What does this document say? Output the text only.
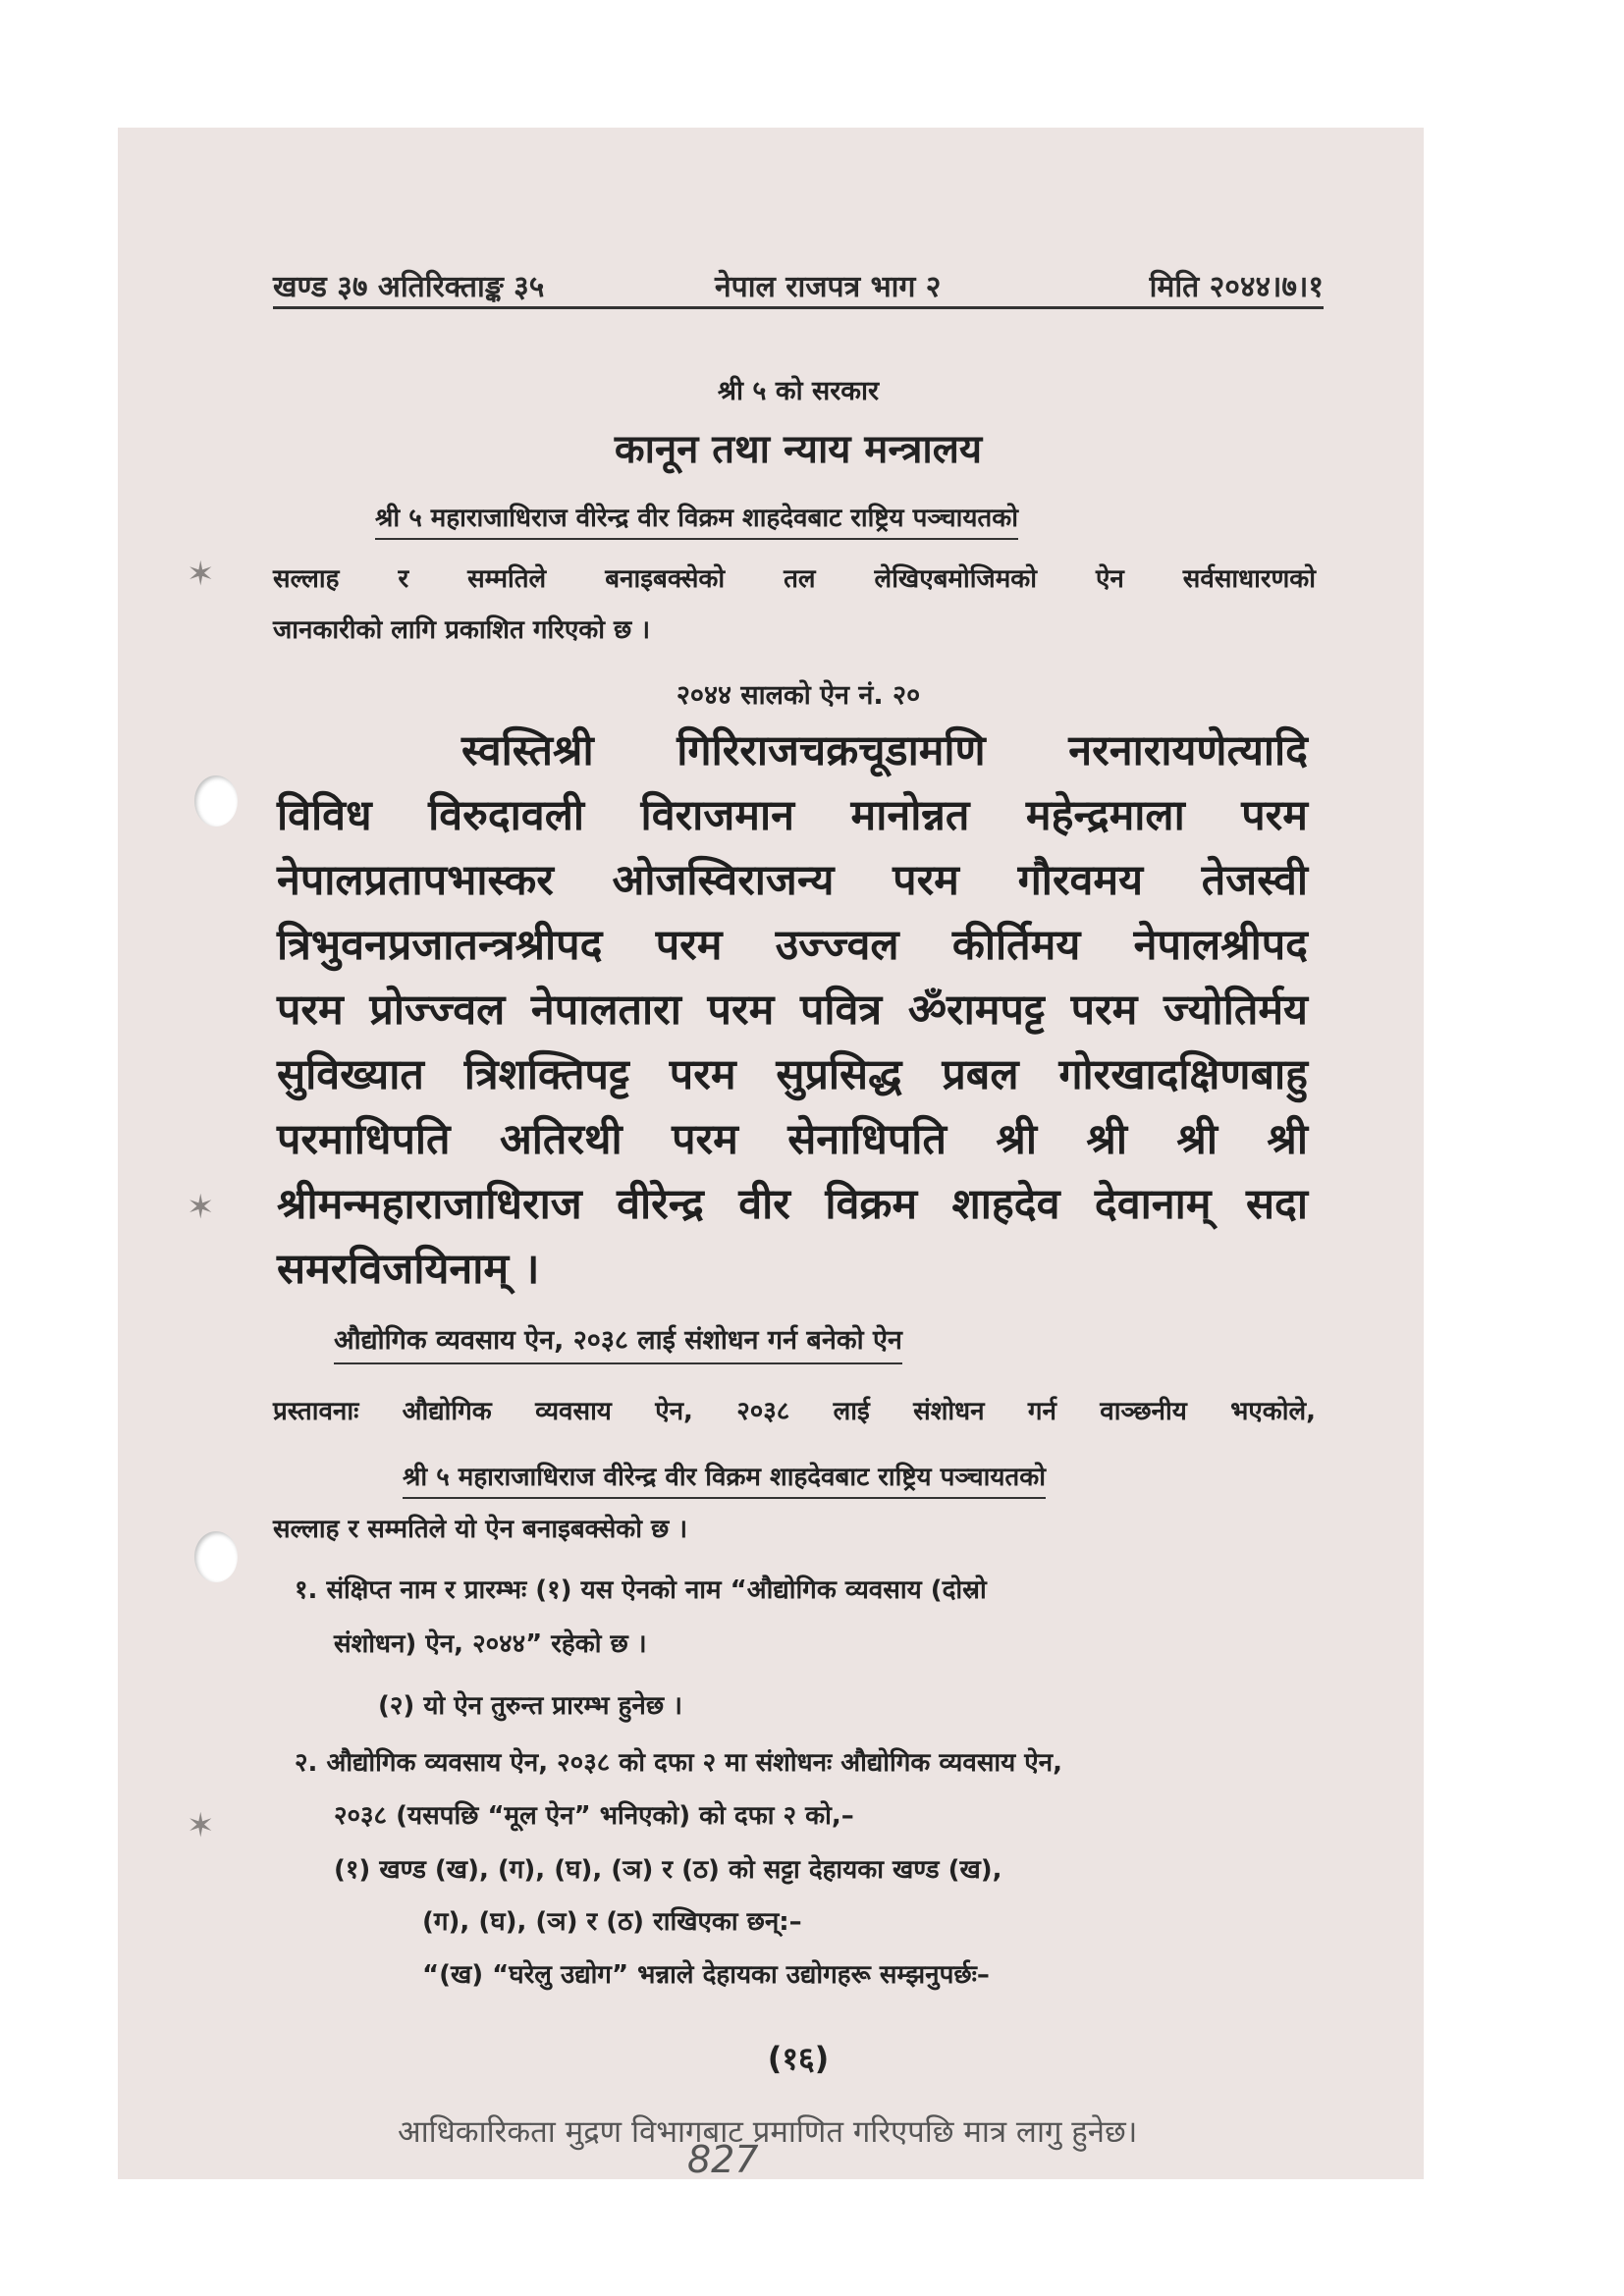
✶
✶
✶
खण्ड ३७ अतिरिक्ताङ्क ३५	नेपाल राजपत्र भाग २	मिति २०४४।७।१
श्री ५ को सरकार
कानून तथा न्याय मन्त्रालय
श्री ५ महाराजाधिराज वीरेन्द्र वीर विक्रम शाहदेवबाट राष्ट्रिय पञ्चायतको
सल्लाह र सम्मतिले बनाइबक्सेको तल लेखिएबमोजिमको ऐन सर्वसाधारणको
जानकारीको लागि प्रकाशित गरिएको छ ।
२०४४ सालको ऐन नं. २०
स्वस्तिश्री गिरिराजचक्रचूडामणि नरनारायणेत्यादि
विविध विरुदावली विराजमान मानोन्नत महेन्द्रमाला परम
नेपालप्रतापभास्कर ओजस्विराजन्य परम गौरवमय तेजस्वी
त्रिभुवनप्रजातन्त्रश्रीपद परम उज्ज्वल कीर्तिमय नेपालश्रीपद
परम प्रोज्ज्वल नेपालतारा परम पवित्र ॐरामपट्ट परम ज्योतिर्मय
सुविख्यात त्रिशक्तिपट्ट परम सुप्रसिद्ध प्रबल गोरखादक्षिणबाहु
परमाधिपति अतिरथी परम सेनाधिपति श्री श्री श्री श्री
श्रीमन्महाराजाधिराज वीरेन्द्र वीर विक्रम शाहदेव देवानाम् सदा
समरविजयिनाम् ।
औद्योगिक व्यवसाय ऐन, २०३८ लाई संशोधन गर्न बनेको ऐन
प्रस्तावनाः औद्योगिक व्यवसाय ऐन, २०३८ लाई संशोधन गर्न वाञ्छनीय भएकोले,
श्री ५ महाराजाधिराज वीरेन्द्र वीर विक्रम शाहदेवबाट राष्ट्रिय पञ्चायतको
सल्लाह र सम्मतिले यो ऐन बनाइबक्सेको छ ।
१. संक्षिप्त नाम र प्रारम्भः (१) यस ऐनको नाम “औद्योगिक व्यवसाय (दोस्रो
संशोधन) ऐन, २०४४” रहेको छ ।
(२) यो ऐन तुरुन्त प्रारम्भ हुनेछ ।
२. औद्योगिक व्यवसाय ऐन, २०३८ को दफा २ मा संशोधनः औद्योगिक व्यवसाय ऐन,
२०३८ (यसपछि “मूल ऐन” भनिएको) को दफा २ को,–
(१) खण्ड (ख), (ग), (घ), (ञ) र (ठ) को सट्टा देहायका खण्ड (ख),
(ग), (घ), (ञ) र (ठ) राखिएका छन्:–
“(ख) “घरेलु उद्योग” भन्नाले देहायका उद्योगहरू सम्झनुपर्छः–
(१६)
आधिकारिकता मुद्रण विभागबाट प्रमाणित गरिएपछि मात्र लागु हुनेछ।
827
